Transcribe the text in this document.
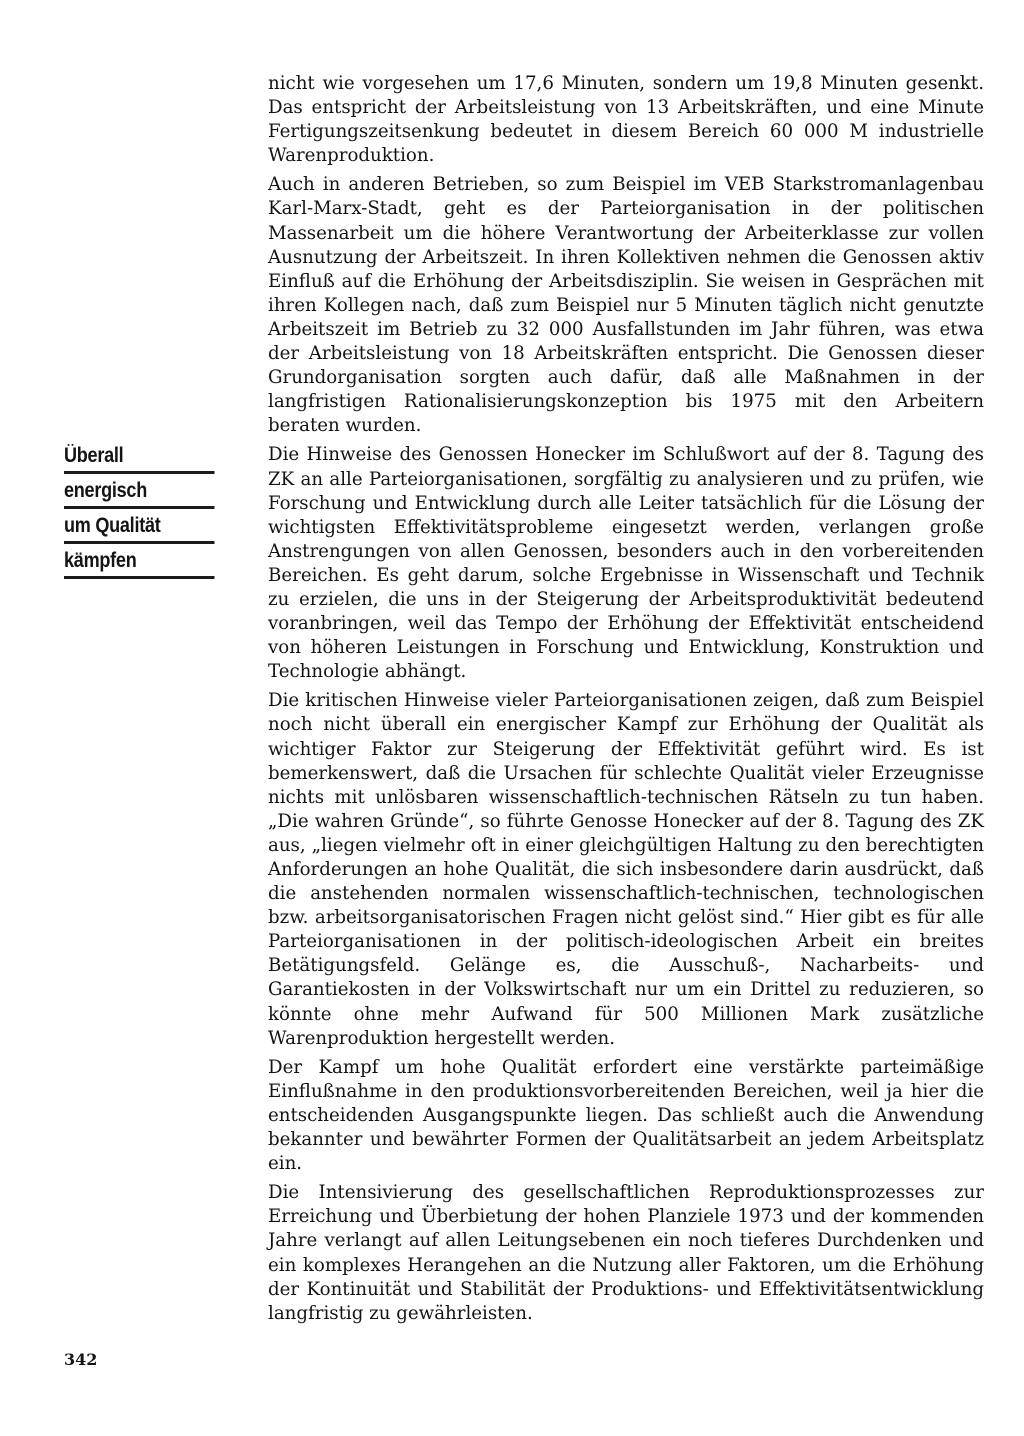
Überall
energisch
um Qualität
kämpfen

nicht wie vorgesehen um 17,6 Minuten, sondern um 19,8 Minuten gesenkt. Das entspricht der Arbeitsleistung von 13 Arbeitskräften, und eine Minute Fertigungszeitsenkung bedeutet in diesem Bereich 60 000 M industrielle Warenproduktion.

Auch in anderen Betrieben, so zum Beispiel im VEB Starkstromanlagenbau Karl-Marx-Stadt, geht es der Parteiorganisation in der politischen Massenarbeit um die höhere Verantwortung der Arbeiterklasse zur vollen Ausnutzung der Arbeitszeit. In ihren Kollektiven nehmen die Genossen aktiv Einfluß auf die Erhöhung der Arbeitsdisziplin. Sie weisen in Gesprächen mit ihren Kollegen nach, daß zum Beispiel nur 5 Minuten täglich nicht genutzte Arbeitszeit im Betrieb zu 32 000 Ausfallstunden im Jahr führen, was etwa der Arbeitsleistung von 18 Arbeitskräften entspricht. Die Genossen dieser Grundorganisation sorgten auch dafür, daß alle Maßnahmen in der langfristigen Rationalisierungskonzeption bis 1975 mit den Arbeitern beraten wurden.

Die Hinweise des Genossen Honecker im Schlußwort auf der 8. Tagung des ZK an alle Parteiorganisationen, sorgfältig zu analysieren und zu prüfen, wie Forschung und Entwicklung durch alle Leiter tatsächlich für die Lösung der wichtigsten Effektivitätsprobleme eingesetzt werden, verlangen große Anstrengungen von allen Genossen, besonders auch in den vorbereitenden Bereichen. Es geht darum, solche Ergebnisse in Wissenschaft und Technik zu erzielen, die uns in der Steigerung der Arbeitsproduktivität bedeutend voranbringen, weil das Tempo der Erhöhung der Effektivität entscheidend von höheren Leistungen in Forschung und Entwicklung, Konstruktion und Technologie abhängt.

Die kritischen Hinweise vieler Parteiorganisationen zeigen, daß zum Beispiel noch nicht überall ein energischer Kampf zur Erhöhung der Qualität als wichtiger Faktor zur Steigerung der Effektivität geführt wird. Es ist bemerkenswert, daß die Ursachen für schlechte Qualität vieler Erzeugnisse nichts mit unlösbaren wissenschaftlich-technischen Rätseln zu tun haben. „Die wahren Gründe“, so führte Genosse Honecker auf der 8. Tagung des ZK aus, „liegen vielmehr oft in einer gleichgültigen Haltung zu den berechtigten Anforderungen an hohe Qualität, die sich insbesondere darin ausdrückt, daß die anstehenden normalen wissenschaftlich-technischen, technologischen bzw. arbeitsorganisatorischen Fragen nicht gelöst sind.“ Hier gibt es für alle Parteiorganisationen in der politisch-ideologischen Arbeit ein breites Betätigungsfeld. Gelänge es, die Ausschuß-, Nacharbeits- und Garantiekosten in der Volkswirtschaft nur um ein Drittel zu reduzieren, so könnte ohne mehr Aufwand für 500 Millionen Mark zusätzliche Warenproduktion hergestellt werden.

Der Kampf um hohe Qualität erfordert eine verstärkte parteimäßige Einflußnahme in den produktionsvorbereitenden Bereichen, weil ja hier die entscheidenden Ausgangspunkte liegen. Das schließt auch die Anwendung bekannter und bewährter Formen der Qualitätsarbeit an jedem Arbeitsplatz ein.

Die Intensivierung des gesellschaftlichen Reproduktionsprozesses zur Erreichung und Überbietung der hohen Planziele 1973 und der kommenden Jahre verlangt auf allen Leitungsebenen ein noch tieferes Durchdenken und ein komplexes Herangehen an die Nutzung aller Faktoren, um die Erhöhung der Kontinuität und Stabilität der Produktions- und Effektivitätsentwicklung langfristig zu gewährleisten.

342
